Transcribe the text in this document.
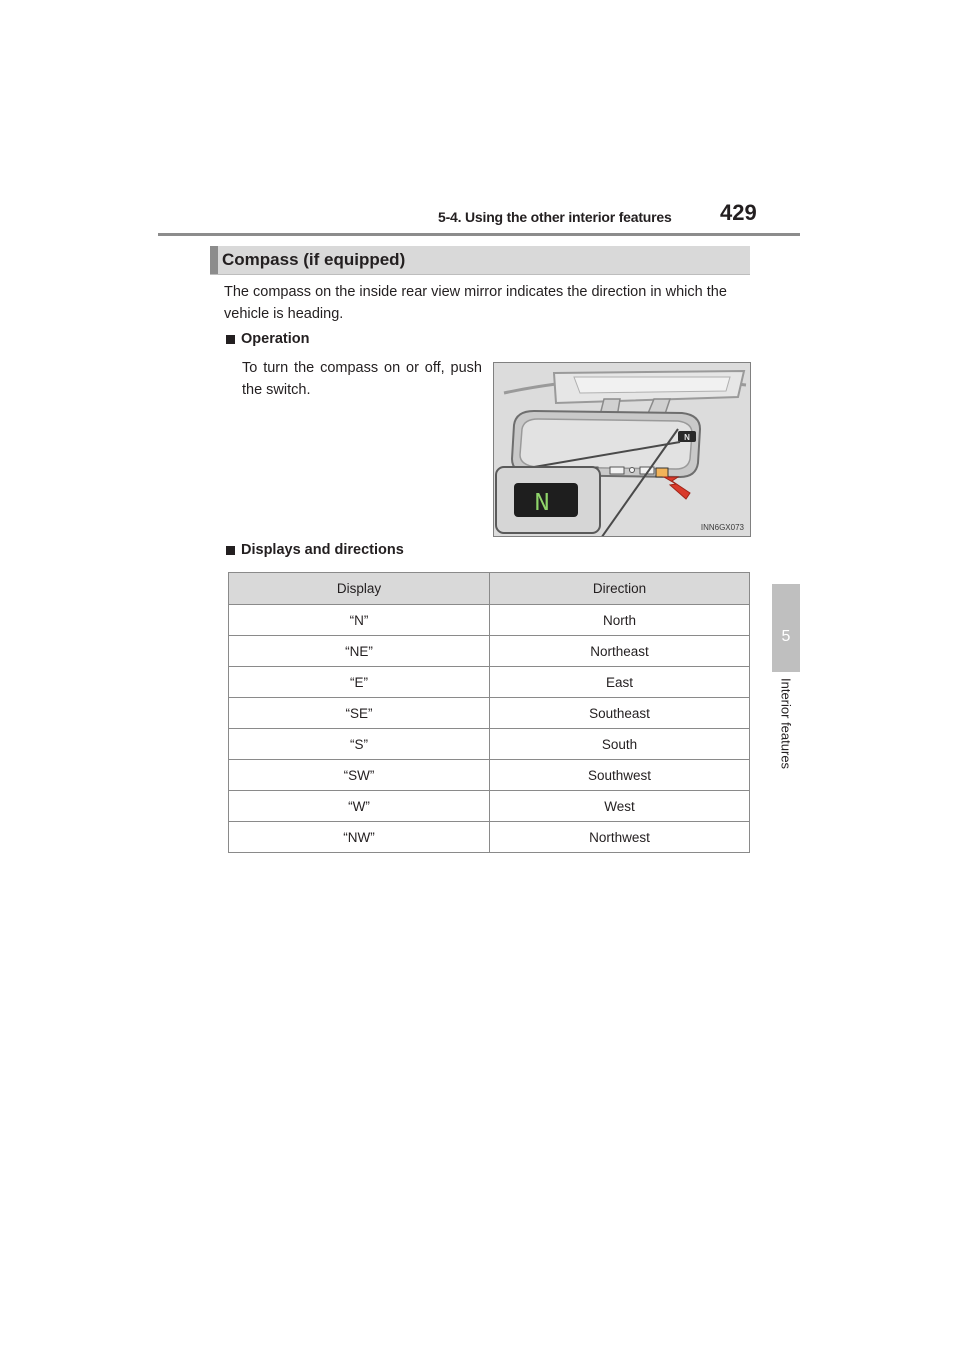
5-4. Using the other interior features 429
5
Interior features
Compass (if equipped)
The compass on the inside rear view mirror indicates the direction in which the vehicle is heading.
Operation
To turn the compass on or off, push the switch.
N
N
INN6GX073
Displays and directions
Display	Direction
“N”	North
“NE”	Northeast
“E”	East
“SE”	Southeast
“S”	South
“SW”	Southwest
“W”	West
“NW”	Northwest
